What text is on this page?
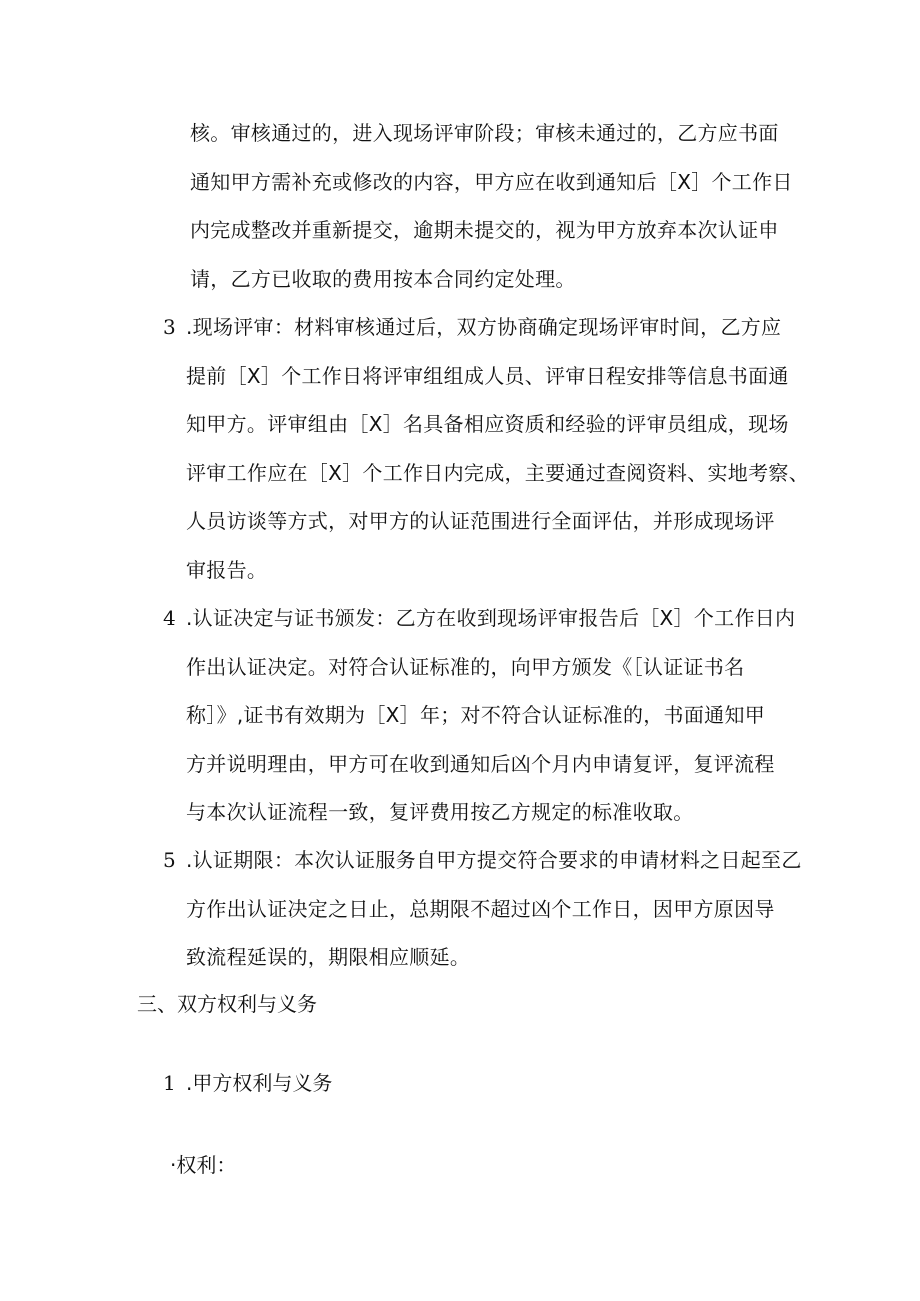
核。审核通过的，进入现场评审阶段；审核未通过的，乙方应书面
通知甲方需补充或修改的内容，甲方应在收到通知后［X］个工作日
内完成整改并重新提交，逾期未提交的，视为甲方放弃本次认证申
请，乙方已收取的费用按本合同约定处理。
3 .现场评审：材料审核通过后，双方协商确定现场评审时间，乙方应
提前［X］个工作日将评审组组成人员、评审日程安排等信息书面通
知甲方。评审组由［X］名具备相应资质和经验的评审员组成，现场
评审工作应在［X］个工作日内完成，主要通过查阅资料、实地考察、
人员访谈等方式，对甲方的认证范围进行全面评估，并形成现场评
审报告。
4 .认证决定与证书颁发：乙方在收到现场评审报告后［X］个工作日内
作出认证决定。对符合认证标准的，向甲方颁发《［认证证书名
称］》,证书有效期为［X］年；对不符合认证标准的，书面通知甲
方并说明理由，甲方可在收到通知后凶个月内申请复评，复评流程
与本次认证流程一致，复评费用按乙方规定的标准收取。
5 .认证期限：本次认证服务自甲方提交符合要求的申请材料之日起至乙
方作出认证决定之日止，总期限不超过凶个工作日，因甲方原因导
致流程延误的，期限相应顺延。
三、双方权利与义务
1 .甲方权利与义务
·权利：
